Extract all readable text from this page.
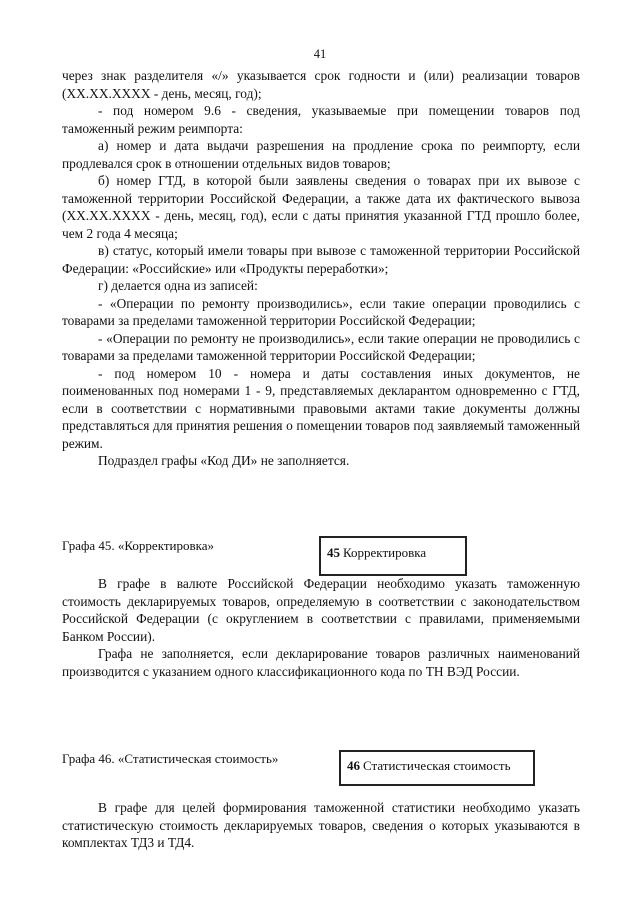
41

через знак разделителя «/» указывается срок годности и (или) реализации товаров (XX.XX.XXXX - день, месяц, год);

- под номером 9.6 - сведения, указываемые при помещении товаров под таможенный режим реимпорта:

а) номер и дата выдачи разрешения на продление срока по реимпорту, если продлевался срок в отношении отдельных видов товаров;

б) номер ГТД, в которой были заявлены сведения о товарах при их вывозе с таможенной территории Российской Федерации, а также дата их фактического вывоза (XX.XX.XXXX - день, месяц, год), если с даты принятия указанной ГТД прошло более, чем 2 года 4 месяца;

в) статус, который имели товары при вывозе с таможенной территории Российской Федерации: «Российские» или «Продукты переработки»;

г) делается одна из записей:

- «Операции по ремонту производились», если такие операции проводились с товарами за пределами таможенной территории Российской Федерации;

- «Операции по ремонту не производились», если такие операции не проводились с товарами за пределами таможенной территории Российской Федерации;

- под номером 10 - номера и даты составления иных документов, не поименованных под номерами 1 - 9, представляемых декларантом одновременно с ГТД, если в соответствии с нормативными правовыми актами такие документы должны представляться для принятия решения о помещении товаров под заявляемый таможенный режим.

Подраздел графы «Код ДИ» не заполняется.

Графа 45. «Корректировка»	45 Корректировка

В графе в валюте Российской Федерации необходимо указать таможенную стоимость декларируемых товаров, определяемую в соответствии с законодательством Российской Федерации (с округлением в соответствии с правилами, применяемыми Банком России).

Графа не заполняется, если декларирование товаров различных наименований производится с указанием одного классификационного кода по ТН ВЭД России.

Графа 46. «Статистическая стоимость»	46 Статистическая стоимость

В графе для целей формирования таможенной статистики необходимо указать статистическую стоимость декларируемых товаров, сведения о которых указываются в комплектах ТД3 и ТД4.
